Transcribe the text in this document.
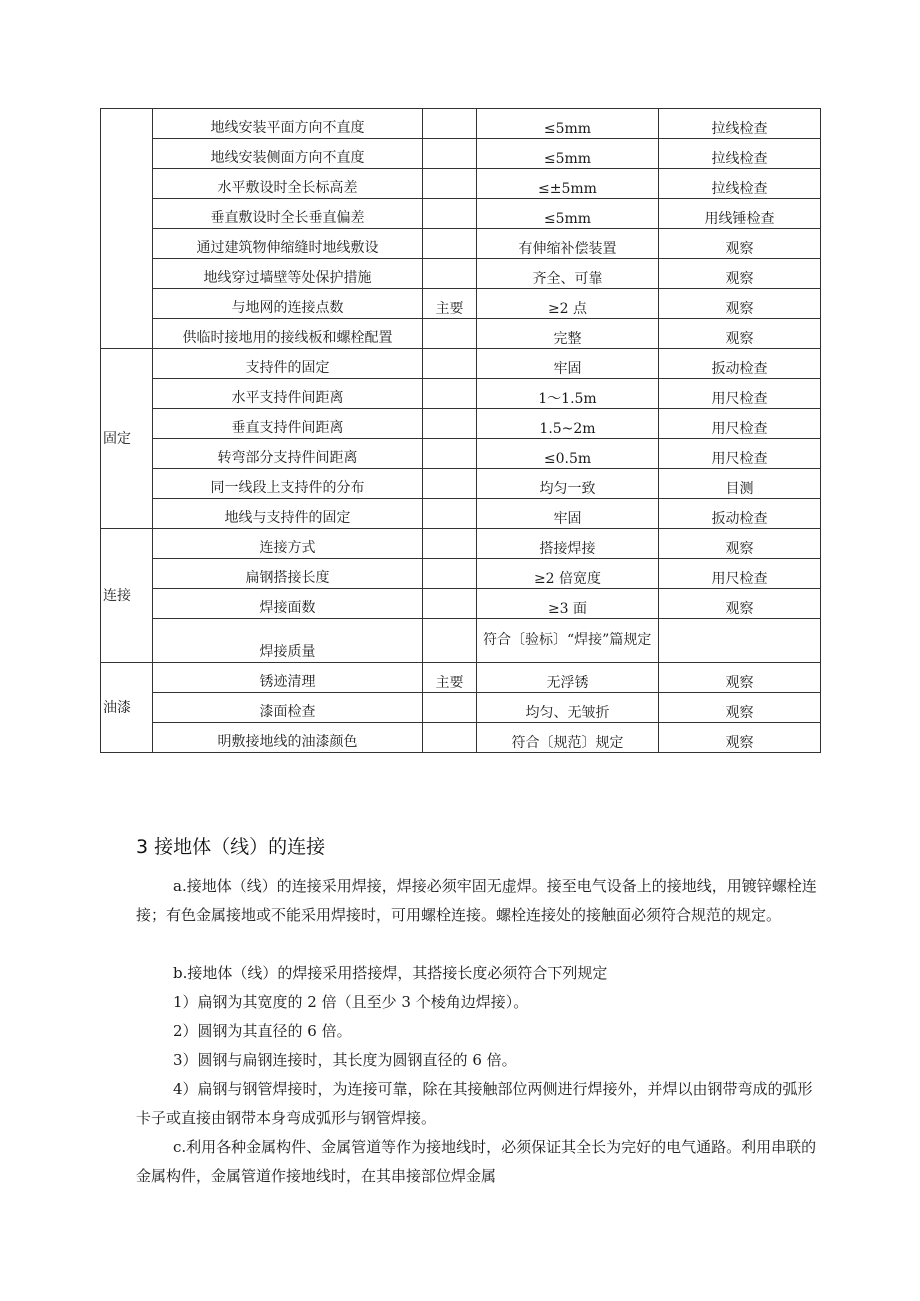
	地线安装平面方向不直度		≤5mm	拉线检查
	地线安装侧面方向不直度		≤5mm	拉线检查
	水平敷设时全长标高差		≤±5mm	拉线检查
	垂直敷设时全长垂直偏差		≤5mm	用线锤检查
	通过建筑物伸缩缝时地线敷设		有伸缩补偿装置	观察
	地线穿过墙壁等处保护措施		齐全、可靠	观察
	与地网的连接点数	主要	≥2 点	观察
	供临时接地用的接线板和螺栓配置		完整	观察
固定	支持件的固定		牢固	扳动检查
	水平支持件间距离		1～1.5m	用尺检查
	垂直支持件间距离		1.5~2m	用尺检查
	转弯部分支持件间距离		≤0.5m	用尺检查
	同一线段上支持件的分布		均匀一致	目测
	地线与支持件的固定		牢固	扳动检查
连接	连接方式		搭接焊接	观察
	扁钢搭接长度		≥2 倍宽度	用尺检查
	焊接面数		≥3 面	观察
	焊接质量		符合〔验标〕“焊接”篇规定	
油漆	锈迹清理	主要	无浮锈	观察
	漆面检查		均匀、无皱折	观察
	明敷接地线的油漆颜色		符合〔规范〕规定	观察
3 接地体（线）的连接
a.接地体（线）的连接采用焊接，焊接必须牢固无虚焊。接至电气设备上的接地线，用镀锌螺栓连接；有色金属接地或不能采用焊接时，可用螺栓连接。螺栓连接处的接触面必须符合规范的规定。
b.接地体（线）的焊接采用搭接焊，其搭接长度必须符合下列规定
1）扁钢为其宽度的 2 倍（且至少 3 个棱角边焊接）。
2）圆钢为其直径的 6 倍。
3）圆钢与扁钢连接时，其长度为圆钢直径的 6 倍。
4）扁钢与钢管焊接时，为连接可靠，除在其接触部位两侧进行焊接外，并焊以由钢带弯成的弧形卡子或直接由钢带本身弯成弧形与钢管焊接。
c.利用各种金属构件、金属管道等作为接地线时，必须保证其全长为完好的电气通路。利用串联的金属构件，金属管道作接地线时，在其串接部位焊金属
